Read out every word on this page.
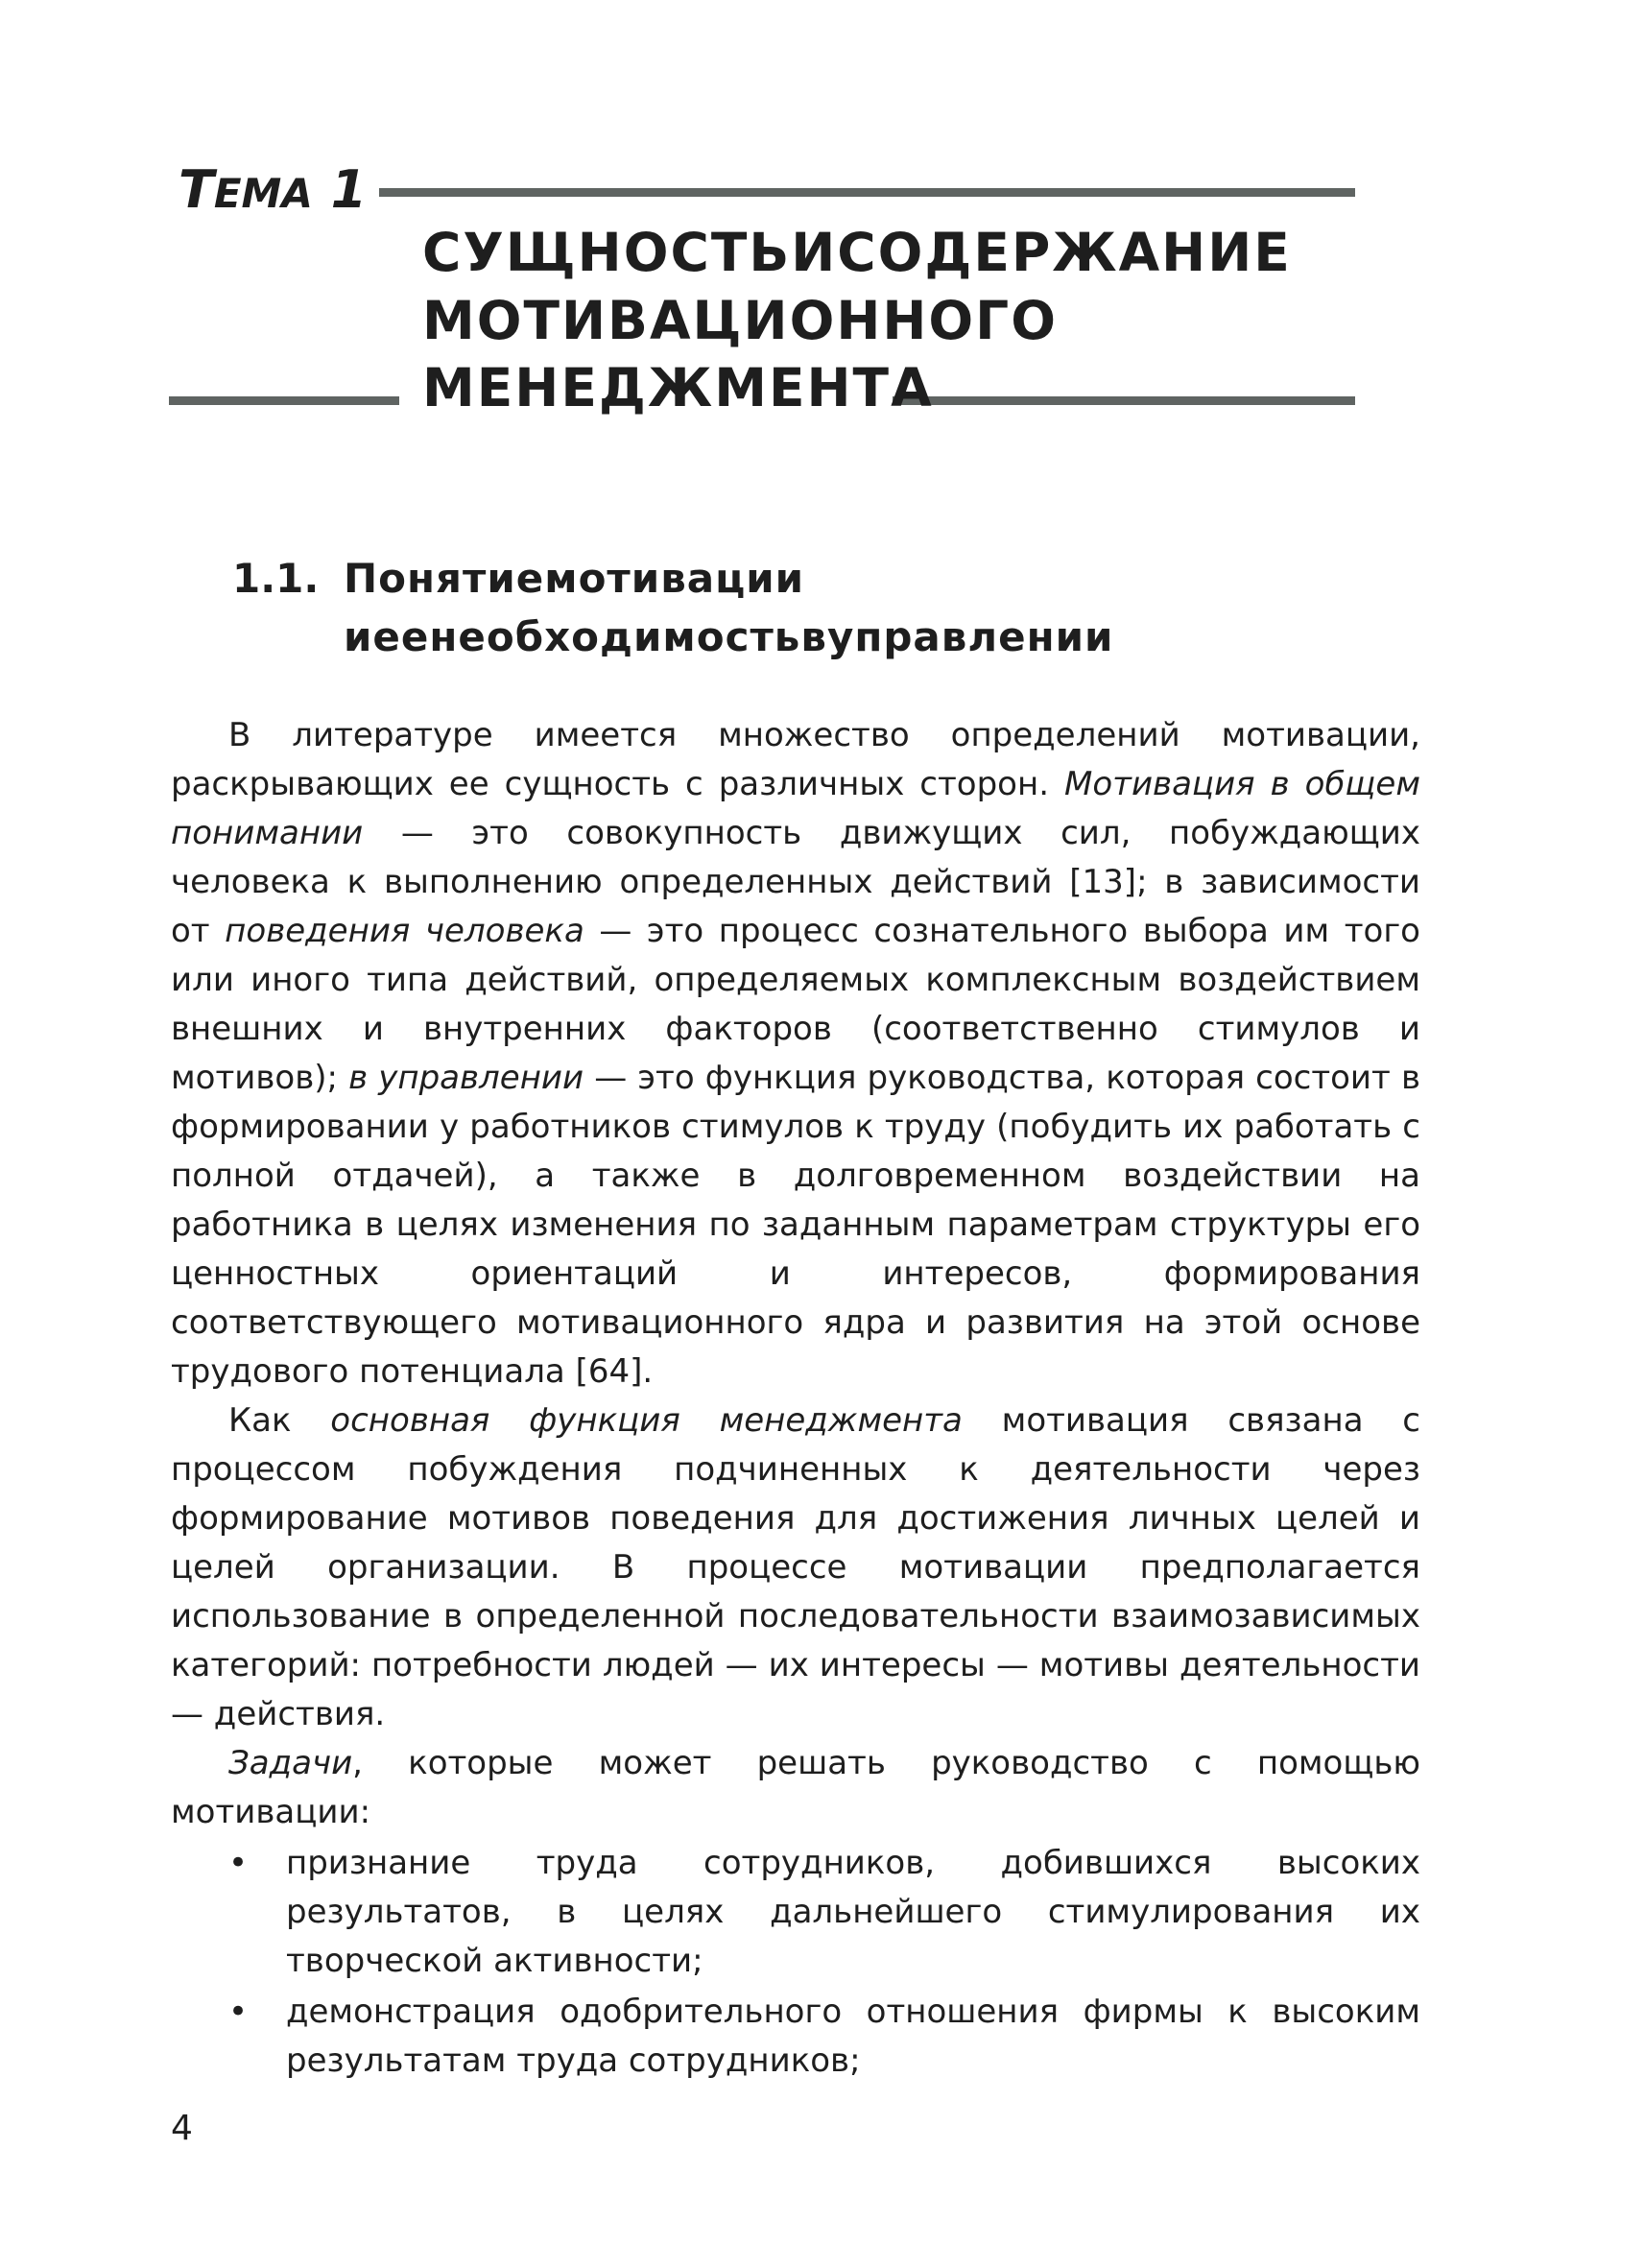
ТЕМА 1
СУЩНОСТЬИСОДЕРЖАНИЕ
МОТИВАЦИОННОГО
МЕНЕДЖМЕНТА
1.1. Понятиемотивации
иеенеобходимостьвуправлении

В литературе имеется множество определений мотивации, раскрывающих ее сущность с различных сторон. Мотивация в общем понимании — это совокупность движущих сил, побуждающих человека к выполнению определенных действий [13]; в зависимости от поведения человека — это процесс сознательного выбора им того или иного типа действий, определяемых комплексным воздействием внешних и внутренних факторов (соответственно стимулов и мотивов); в управлении — это функция руководства, которая состоит в формировании у работников стимулов к труду (побудить их работать с полной отдачей), а также в долговременном воздействии на работника в целях изменения по заданным параметрам структуры его ценностных ориентаций и интересов, формирования соответствующего мотивационного ядра и развития на этой основе трудового потенциала [64].

Как основная функция менеджмента мотивация связана с процессом побуждения подчиненных к деятельности через формирование мотивов поведения для достижения личных целей и целей организации. В процессе мотивации предполагается использование в определенной последовательности взаимозависимых категорий: потребности людей — их интересы — мотивы деятельности — действия.

Задачи, которые может решать руководство с помощью мотивации:

• признание труда сотрудников, добившихся высоких результатов, в целях дальнейшего стимулирования их творческой активности;
• демонстрация одобрительного отношения фирмы к высоким результатам труда сотрудников;
4
